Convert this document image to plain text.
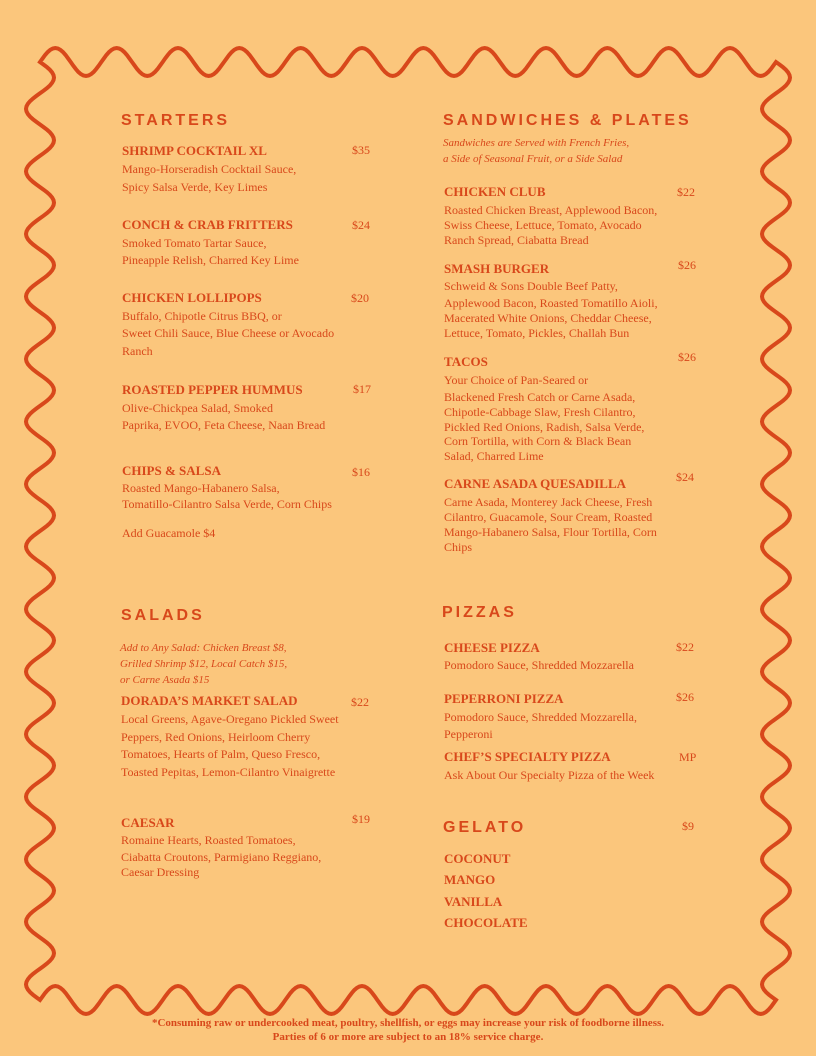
STARTERS
SHRIMP COCKTAIL XL	$35
Mango-Horseradish Cocktail Sauce,
Spicy Salsa Verde, Key Limes
CONCH & CRAB FRITTERS	$24
Smoked Tomato Tartar Sauce,
Pineapple Relish, Charred Key Lime
CHICKEN LOLLIPOPS	$20
Buffalo, Chipotle Citrus BBQ, or
Sweet Chili Sauce, Blue Cheese or Avocado
Ranch
ROASTED PEPPER HUMMUS	$17
Olive-Chickpea Salad, Smoked
Paprika, EVOO, Feta Cheese, Naan Bread
CHIPS & SALSA	$16
Roasted Mango-Habanero Salsa,
Tomatillo-Cilantro Salsa Verde, Corn Chips
Add Guacamole $4
SANDWICHES & PLATES
Sandwiches are Served with French Fries,
a Side of Seasonal Fruit, or a Side Salad
CHICKEN CLUB	$22
Roasted Chicken Breast, Applewood Bacon,
Swiss Cheese, Lettuce, Tomato, Avocado
Ranch Spread, Ciabatta Bread
SMASH BURGER	$26
Schweid & Sons Double Beef Patty,
Applewood Bacon, Roasted Tomatillo Aioli,
Macerated White Onions, Cheddar Cheese,
Lettuce, Tomato, Pickles, Challah Bun
TACOS	$26
Your Choice of Pan-Seared or
Blackened Fresh Catch or Carne Asada,
Chipotle-Cabbage Slaw, Fresh Cilantro,
Pickled Red Onions, Radish, Salsa Verde,
Corn Tortilla, with Corn & Black Bean
Salad, Charred Lime
CARNE ASADA QUESADILLA	$24
Carne Asada, Monterey Jack Cheese, Fresh
Cilantro, Guacamole, Sour Cream, Roasted
Mango-Habanero Salsa, Flour Tortilla, Corn
Chips
SALADS
Add to Any Salad: Chicken Breast $8,
Grilled Shrimp $12, Local Catch $15,
or Carne Asada $15
DORADA’S MARKET SALAD	$22
Local Greens, Agave-Oregano Pickled Sweet
Peppers, Red Onions, Heirloom Cherry
Tomatoes, Hearts of Palm, Queso Fresco,
Toasted Pepitas, Lemon-Cilantro Vinaigrette
CAESAR	$19
Romaine Hearts, Roasted Tomatoes,
Ciabatta Croutons, Parmigiano Reggiano,
Caesar Dressing
PIZZAS
CHEESE PIZZA	$22
Pomodoro Sauce, Shredded Mozzarella
PEPERRONI PIZZA	$26
Pomodoro Sauce, Shredded Mozzarella,
Pepperoni
CHEF’S SPECIALTY PIZZA	MP
Ask About Our Specialty Pizza of the Week
GELATO	$9
COCONUT
MANGO
VANILLA
CHOCOLATE
*Consuming raw or undercooked meat, poultry, shellfish, or eggs may increase your risk of foodborne illness.
Parties of 6 or more are subject to an 18% service charge.
